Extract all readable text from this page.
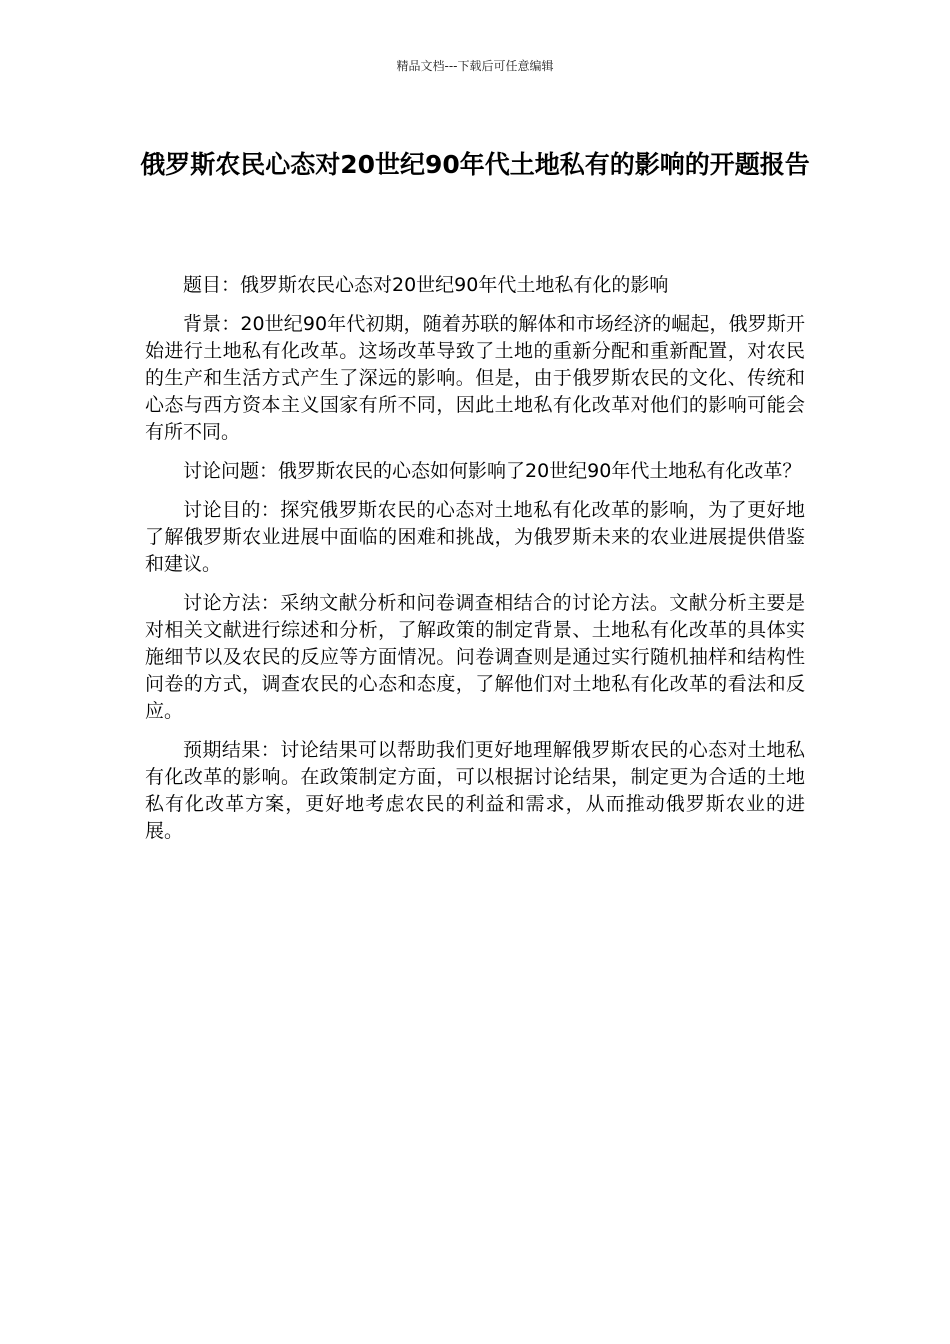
精品文档---下载后可任意编辑
俄罗斯农民心态对20世纪90年代土地私有的影响的开题报告

题目：俄罗斯农民心态对20世纪90年代土地私有化的影响

背景：20世纪90年代初期，随着苏联的解体和市场经济的崛起，俄罗斯开始进行土地私有化改革。这场改革导致了土地的重新分配和重新配置，对农民的生产和生活方式产生了深远的影响。但是，由于俄罗斯农民的文化、传统和心态与西方资本主义国家有所不同，因此土地私有化改革对他们的影响可能会有所不同。

讨论问题：俄罗斯农民的心态如何影响了20世纪90年代土地私有化改革？

讨论目的：探究俄罗斯农民的心态对土地私有化改革的影响，为了更好地了解俄罗斯农业进展中面临的困难和挑战，为俄罗斯未来的农业进展提供借鉴和建议。

讨论方法：采纳文献分析和问卷调查相结合的讨论方法。文献分析主要是对相关文献进行综述和分析，了解政策的制定背景、土地私有化改革的具体实施细节以及农民的反应等方面情况。问卷调查则是通过实行随机抽样和结构性问卷的方式，调查农民的心态和态度，了解他们对土地私有化改革的看法和反应。

预期结果：讨论结果可以帮助我们更好地理解俄罗斯农民的心态对土地私有化改革的影响。在政策制定方面，可以根据讨论结果，制定更为合适的土地私有化改革方案，更好地考虑农民的利益和需求，从而推动俄罗斯农业的进展。
